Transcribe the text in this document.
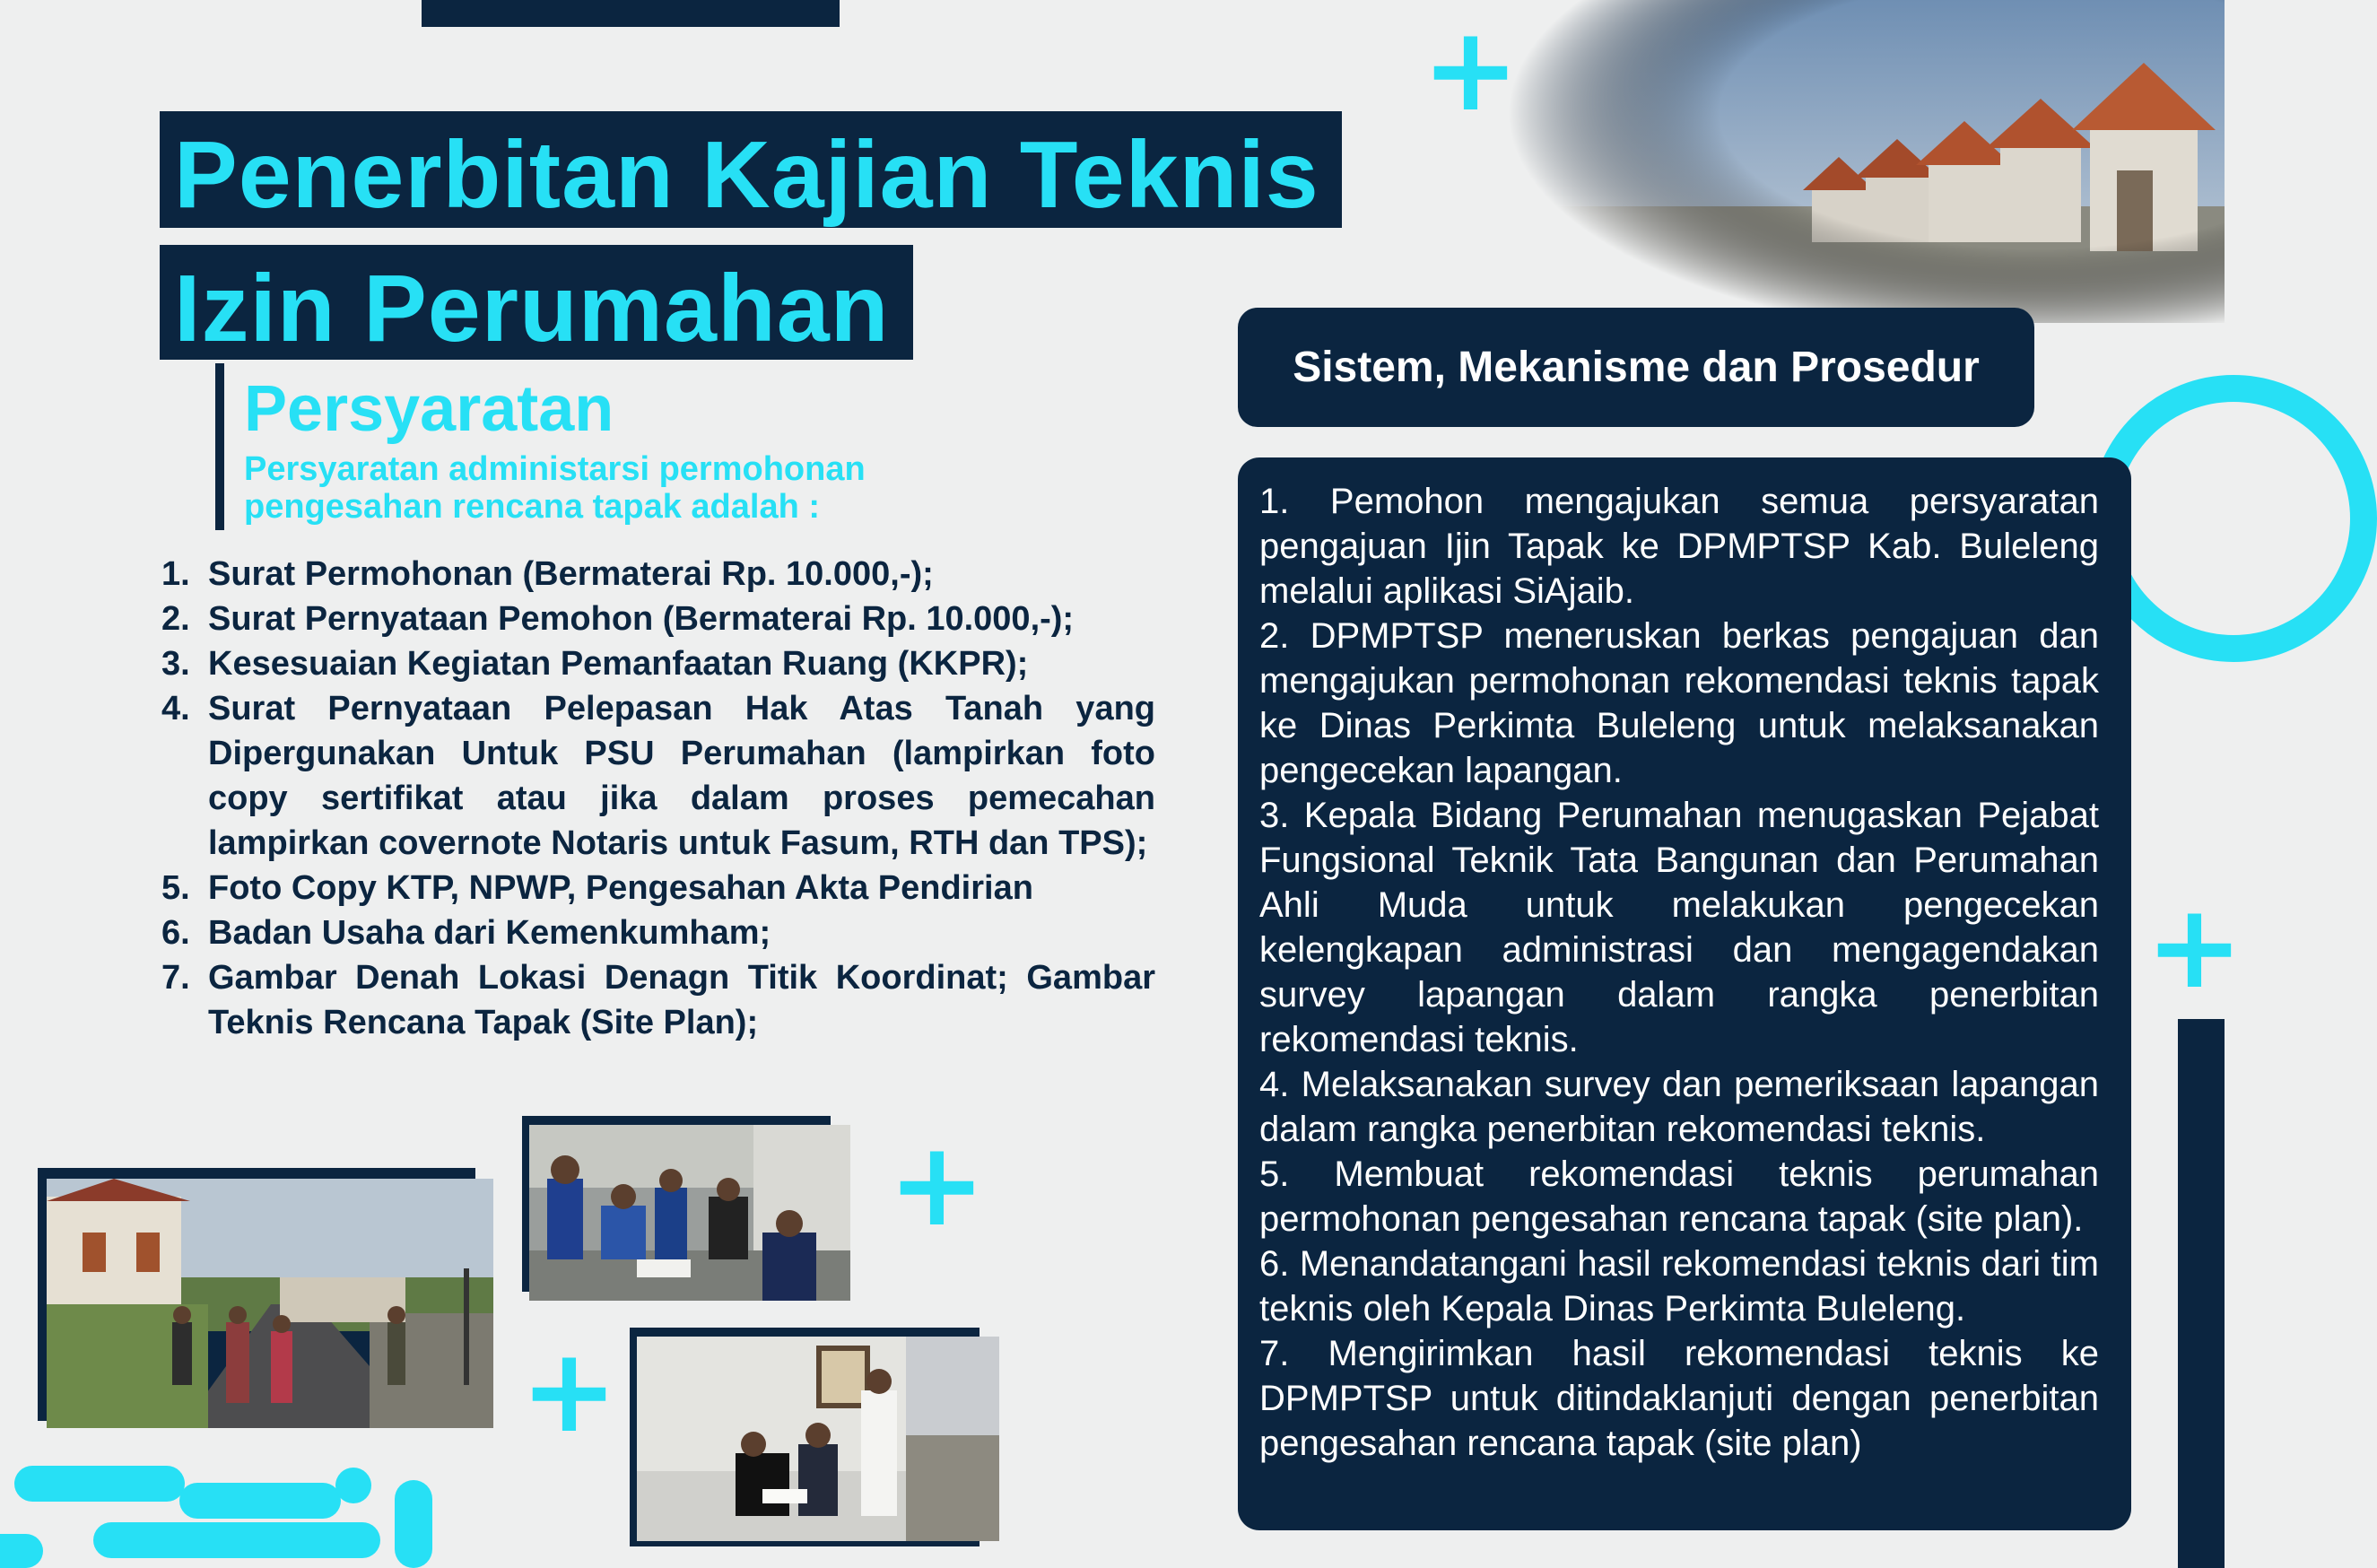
+
+
+
+
Penerbitan Kajian Teknis
Izin Perumahan
Persyaratan
Persyaratan administarsi permohonan pengesahan rencana tapak adalah :
1. Surat Permohonan (Bermaterai Rp. 10.000,-);
2. Surat Pernyataan Pemohon (Bermaterai Rp. 10.000,-);
3. Kesesuaian Kegiatan Pemanfaatan Ruang (KKPR);
4. Surat Pernyataan Pelepasan Hak Atas Tanah yang Dipergunakan Untuk PSU Perumahan (lampirkan foto copy sertifikat atau jika dalam proses pemecahan lampirkan covernote Notaris untuk Fasum, RTH dan TPS);
5. Foto Copy KTP, NPWP, Pengesahan Akta Pendirian
6. Badan Usaha dari Kemenkumham;
7. Gambar Denah Lokasi Denagn Titik Koordinat; Gambar Teknis Rencana Tapak (Site Plan);
Sistem, Mekanisme dan Prosedur
1. Pemohon mengajukan semua persyaratan pengajuan Ijin Tapak ke DPMPTSP Kab. Buleleng melalui aplikasi SiAjaib.
2. DPMPTSP meneruskan berkas pengajuan dan mengajukan permohonan rekomendasi teknis tapak ke Dinas Perkimta Buleleng untuk melaksanakan pengecekan lapangan.
3. Kepala Bidang Perumahan menugaskan Pejabat Fungsional Teknik Tata Bangunan dan Perumahan Ahli Muda untuk melakukan pengecekan kelengkapan administrasi dan mengagendakan survey lapangan dalam rangka penerbitan rekomendasi teknis.
4. Melaksanakan survey dan pemeriksaan lapangan dalam rangka penerbitan rekomendasi teknis.
5. Membuat rekomendasi teknis perumahan permohonan pengesahan rencana tapak (site plan).
6. Menandatangani hasil rekomendasi teknis dari tim teknis oleh Kepala Dinas Perkimta Buleleng.
7. Mengirimkan hasil rekomendasi teknis ke DPMPTSP untuk ditindaklanjuti dengan penerbitan pengesahan rencana tapak (site plan)
